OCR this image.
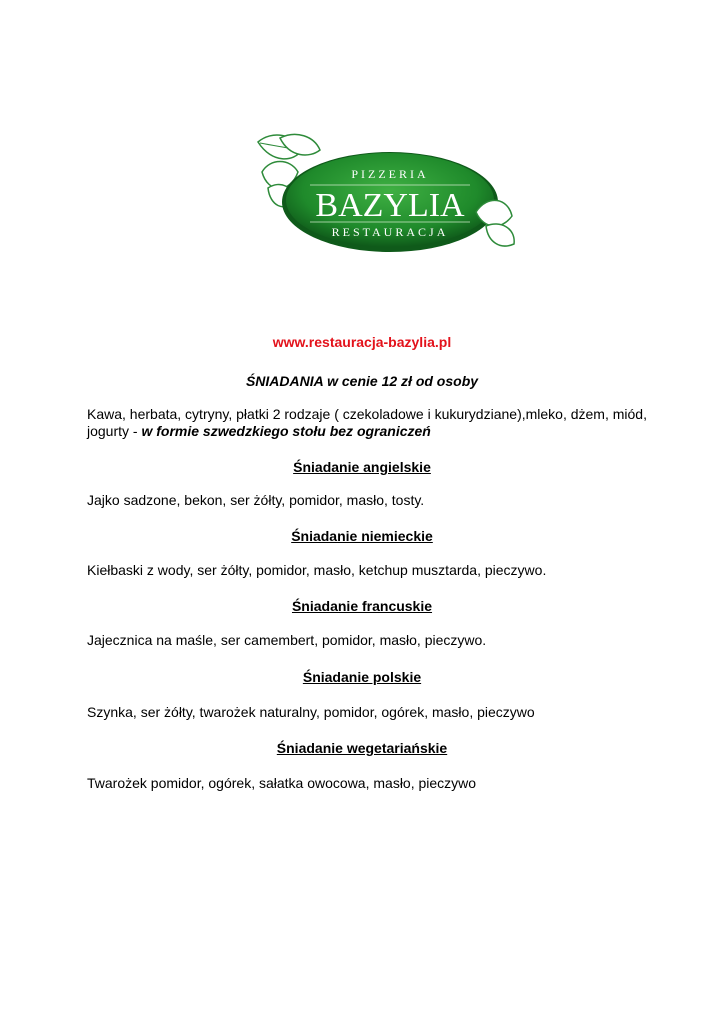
PIZZERIA
BAZYLIA
RESTAURACJA
www.restauracja-bazylia.pl
ŚNIADANIA w cenie 12 zł od osoby
Kawa, herbata, cytryny, płatki 2 rodzaje ( czekoladowe i kukurydziane),mleko, dżem, miód, jogurty - w formie szwedzkiego stołu bez ograniczeń
Śniadanie angielskie
Jajko sadzone, bekon, ser żółty, pomidor, masło, tosty.
Śniadanie niemieckie
Kiełbaski z wody, ser żółty, pomidor, masło, ketchup musztarda, pieczywo.
Śniadanie francuskie
Jajecznica na maśle, ser camembert, pomidor, masło, pieczywo.
Śniadanie polskie
Szynka, ser żółty, twarożek naturalny, pomidor, ogórek, masło, pieczywo
Śniadanie wegetariańskie
Twarożek pomidor, ogórek, sałatka owocowa, masło, pieczywo
